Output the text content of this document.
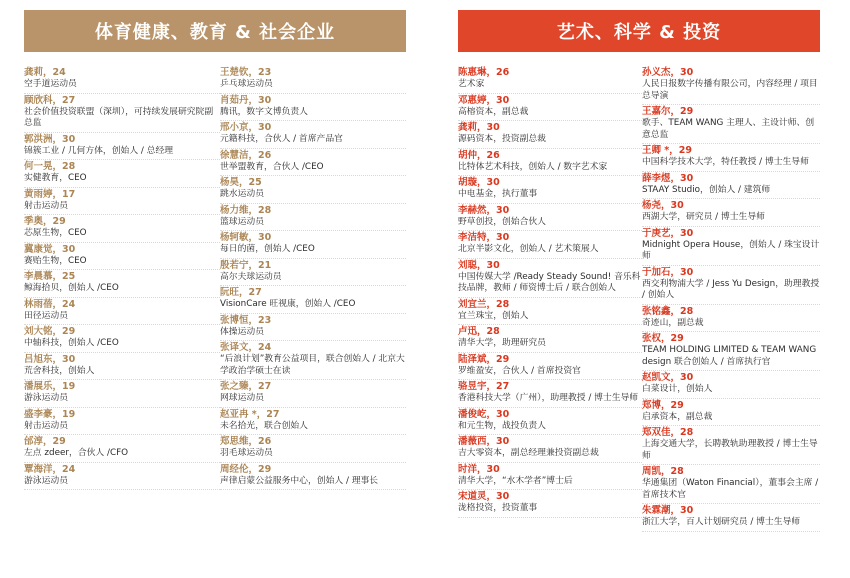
体育健康、教育 & 社会企业
龚莉，24
空手道运动员
顾欣科，27
社会价值投资联盟（深圳），可持续发展研究院副总监
郭洪洲，30
锦簇工业 / 几何方体，创始人 / 总经理
何一晃，28
实健教育，CEO
黄雨婷，17
射击运动员
季奥，29
芯原生物，CEO
冀康觉，30
赛贻生物，CEO
李晨慕，25
鲸海拾贝，创始人 /CEO
林雨蓓，24
田径运动员
刘大铭，29
中轴科技，创始人 /CEO
吕旭东，30
荒舍科技，创始人
潘展乐，19
游泳运动员
盛李豪，19
射击运动员
邰淳，29
左点 zdeer，合伙人 /CFO
覃海洋，24
游泳运动员
王楚钦，23
乒乓球运动员
肖茹丹，30
腾讯，数字文博负责人
邢小京，30
元籍科技，合伙人 / 首席产品官
徐慧洁，26
世举盟教育，合伙人 /CEO
杨昊，25
跳水运动员
杨力维，28
篮球运动员
杨轲敏，30
每日的菌，创始人 /CEO
殷若宁，21
高尔夫球运动员
阮旺，27
VisionCare 旺视康，创始人 /CEO
张博恒，23
体操运动员
张译文，24
“后浪计划”教育公益项目，联合创始人 / 北京大学政治学硕士在读
张之臻，27
网球运动员
赵亚冉 *，27
未名拾光，联合创始人
郑思维，26
羽毛球运动员
周经伦，29
声律启蒙公益服务中心，创始人 / 理事长
艺术、科学 & 投资
陈惠琳，26
艺术家
邓惠婷，30
高榕资本，副总裁
龚莉，30
源码资本，投资副总裁
胡仲，26
比特体艺术科技，创始人 / 数字艺术家
胡璇，30
中电基金，执行董事
李赫然，30
野草创投，创始合伙人
李洁特，30
北京半影文化，创始人 / 艺术策展人
刘聪，30
中国传媒大学 /Ready Steady Sound! 音乐科技品牌，教师 / 师资博士后 / 联合创始人
刘宜兰，28
宜兰珠宝，创始人
卢迅，28
清华大学，助理研究员
陆泽斌，29
罗维盈安，合伙人 / 首席投资官
骆昱宇，27
香港科技大学（广州），助理教授 / 博士生导师
潘俊屹，30
和元生物，战投负责人
潘薇西，30
吉大零资本，副总经理兼投资副总裁
时洋，30
清华大学，“水木学者”博士后
宋道灵，30
泷格投资，投资董事
孙义杰，30
人民日报数字传播有限公司，内容经理 / 项目总导演
王嘉尔，29
歌手、TEAM WANG 主理人、主设计师、创意总监
王卿 *，29
中国科学技术大学，特任教授 / 博士生导师
薛李煜，30
STAAY Studio，创始人 / 建筑师
杨尧，30
西湖大学，研究员 / 博士生导师
于庚艺，30
Midnight Opera House，创始人 / 珠宝设计师
于加石，30
西交利物浦大学 / Jess Yu Design，助理教授 / 创始人
张铭鑫，28
奇迹山，副总裁
张权，29
TEAM HOLDING LIMITED & TEAM WANG design 联合创始人 / 首席执行官
赵凯文，30
白菜设计，创始人
郑博，29
启承资本，副总裁
郑双佳，28
上海交通大学，长聘教轨助理教授 / 博士生导师
周凯，28
华通集团（Waton Financial），董事会主席 / 首席技术官
朱霖潮，30
浙江大学，百人计划研究员 / 博士生导师
